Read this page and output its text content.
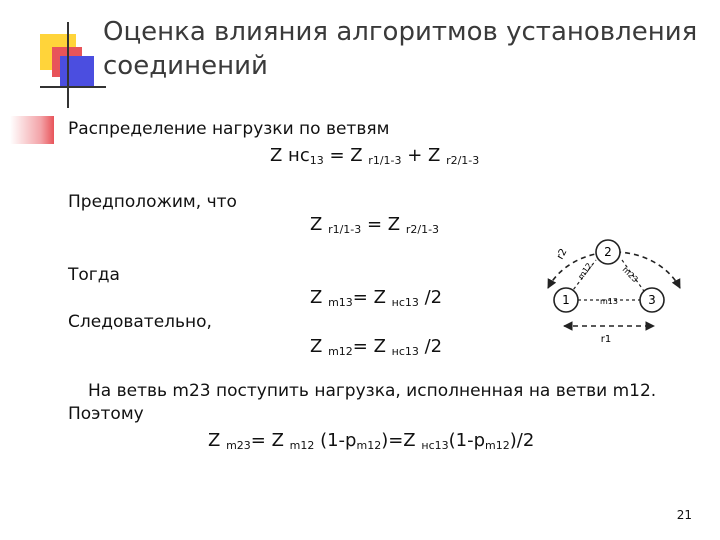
Оценка влияния алгоритмов установления соединений
Распределение нагрузки по ветвям
Z $нс_{13} = Z$ $_{r1/1-3}$ + Z $_{r2/1-3}$
Предположим, что
Z $_{r1/1-3}$ = Z $_{r2/1-3}$
Тогда
Z $_{m13}$= Z $_{нс13}$ /2
Следовательно,
Z $_{m12}$= Z $_{нс13}$ /2
На ветвь m23 поступить нагрузка, исполненная на ветви m12.
Поэтому
Z $_{m23}$= Z $_{m12}$ $(1-p_{m12})=Z$ $_{нс13}(1-p_{m12})/2$
1
2
3
r2
m12	m23
m13
r1
21
